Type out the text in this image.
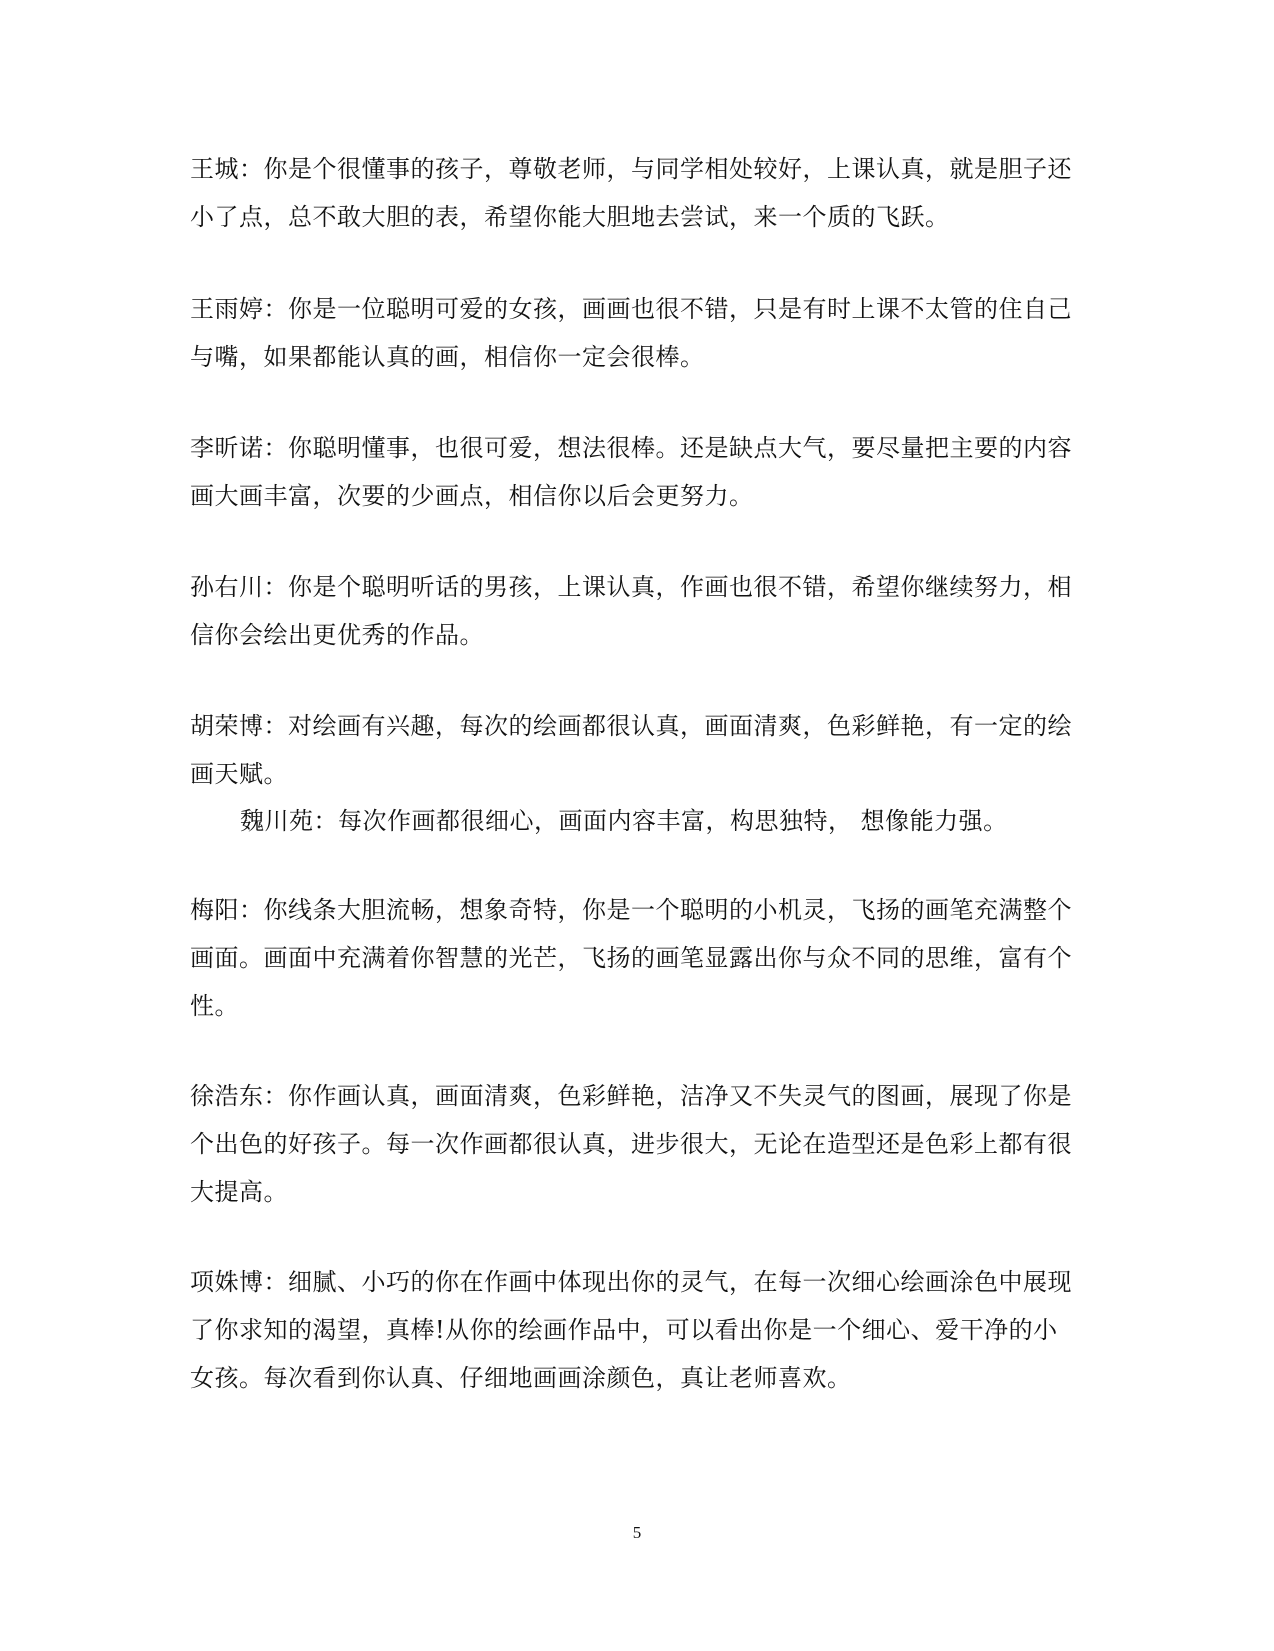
王城：你是个很懂事的孩子，尊敬老师，与同学相处较好，上课认真，就是胆子还小了点，总不敢大胆的表，希望你能大胆地去尝试，来一个质的飞跃。

王雨婷：你是一位聪明可爱的女孩，画画也很不错，只是有时上课不太管的住自己与嘴，如果都能认真的画，相信你一定会很棒。

李昕诺：你聪明懂事，也很可爱，想法很棒。还是缺点大气，要尽量把主要的内容画大画丰富，次要的少画点，相信你以后会更努力。

孙右川：你是个聪明听话的男孩，上课认真，作画也很不错，希望你继续努力，相信你会绘出更优秀的作品。

胡荣博：对绘画有兴趣，每次的绘画都很认真，画面清爽，色彩鲜艳，有一定的绘画天赋。

魏川苑：每次作画都很细心，画面内容丰富，构思独特， 想像能力强。

梅阳：你线条大胆流畅，想象奇特，你是一个聪明的小机灵，飞扬的画笔充满整个画面。画面中充满着你智慧的光芒，飞扬的画笔显露出你与众不同的思维，富有个性。

徐浩东：你作画认真，画面清爽，色彩鲜艳，洁净又不失灵气的图画，展现了你是个出色的好孩子。每一次作画都很认真，进步很大，无论在造型还是色彩上都有很大提高。

项姝博：细腻、小巧的你在作画中体现出你的灵气，在每一次细心绘画涂色中展现了你求知的渴望，真棒!从你的绘画作品中，可以看出你是一个细心、爱干净的小女孩。每次看到你认真、仔细地画画涂颜色，真让老师喜欢。

5
